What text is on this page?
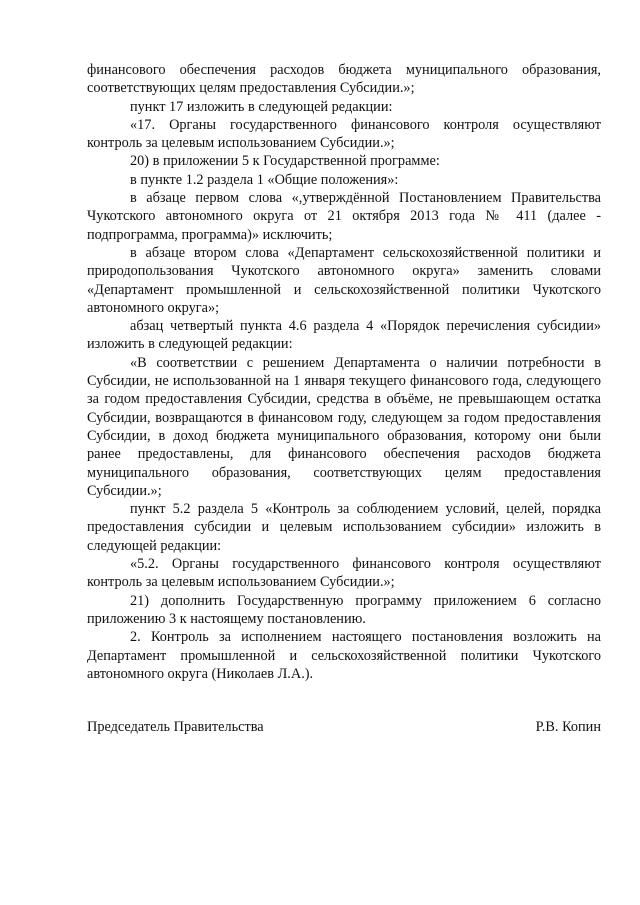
финансового обеспечения расходов бюджета муниципального образования, соответствующих целям предоставления Субсидии.»;

пункт 17 изложить в следующей редакции:

«17. Органы государственного финансового контроля осуществляют контроль за целевым использованием Субсидии.»;

20) в приложении 5 к Государственной программе:

в пункте 1.2 раздела 1 «Общие положения»:

в абзаце первом слова «,утверждённой Постановлением Правительства Чукотского автономного округа от 21 октября 2013 года № 411 (далее - подпрограмма, программа)» исключить;

в абзаце втором слова «Департамент сельскохозяйственной политики и природопользования Чукотского автономного округа» заменить словами «Департамент промышленной и сельскохозяйственной политики Чукотского автономного округа»;

абзац четвертый пункта 4.6 раздела 4 «Порядок перечисления субсидии» изложить в следующей редакции:

«В соответствии с решением Департамента о наличии потребности в Субсидии, не использованной на 1 января текущего финансового года, следующего за годом предоставления Субсидии, средства в объёме, не превышающем остатка Субсидии, возвращаются в финансовом году, следующем за годом предоставления Субсидии, в доход бюджета муниципального образования, которому они были ранее предоставлены, для финансового обеспечения расходов бюджета муниципального образования, соответствующих целям предоставления Субсидии.»;

пункт 5.2 раздела 5 «Контроль за соблюдением условий, целей, порядка предоставления субсидии и целевым использованием субсидии» изложить в следующей редакции:

«5.2. Органы государственного финансового контроля осуществляют контроль за целевым использованием Субсидии.»;

21) дополнить Государственную программу приложением 6 согласно приложению 3 к настоящему постановлению.

2. Контроль за исполнением настоящего постановления возложить на Департамент промышленной и сельскохозяйственной политики Чукотского автономного округа (Николаев Л.А.).

Председатель Правительства	Р.В. Копин
